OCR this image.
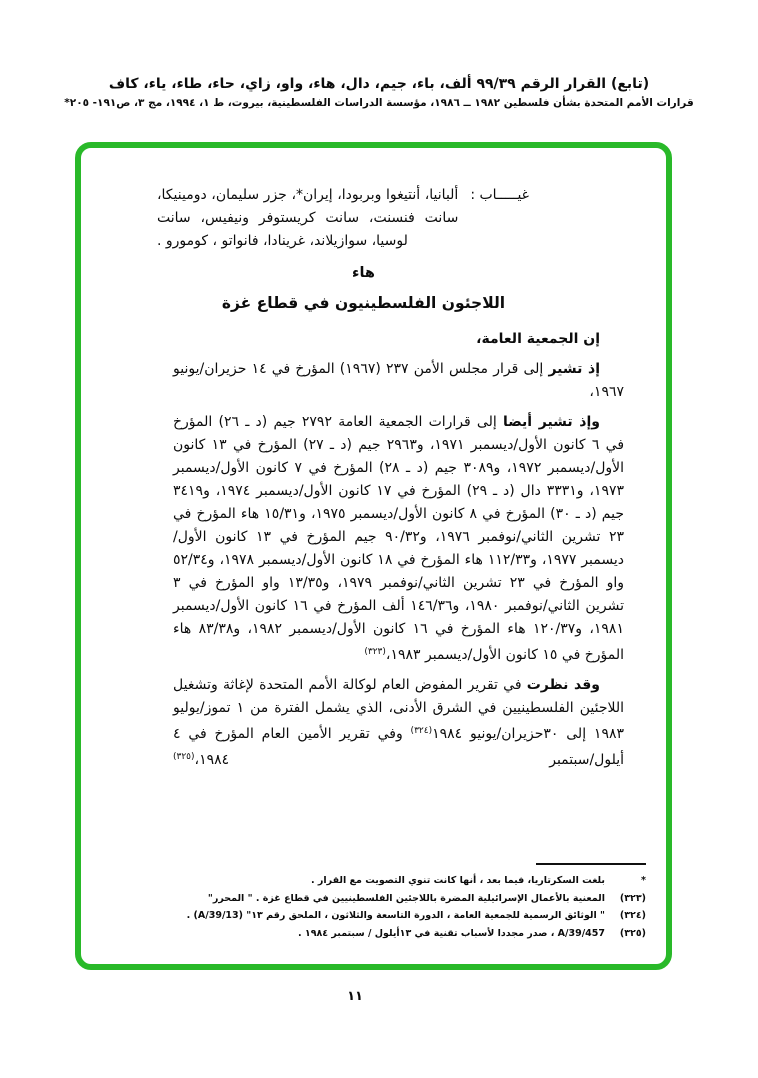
(تابع) القرار الرقم ٩٩/٣٩ ألف، باء، جيم، دال، هاء، واو، زاي، حاء، طاء، ياء، كاف
قرارات الأمم المتحدة بشأن فلسطين ١٩٨٢ ــ ١٩٨٦، مؤسسة الدراسات الفلسطينية، بيروت، ط ١، ١٩٩٤، مج ٣، ص١٩١- ٢٠٥*
غيـــــاب :
ألبانيا، أنتيغوا وبربودا، إيران*، جزر سليمان، دومينيكا، سانت فنسنت، سانت كريستوفر ونيفيس، سانت لوسيا، سوازيلاند، غرينادا، فانواتو ، كومورو .
هاء
اللاجئون الفلسطينيون في قطاع غزة

إن الجمعية العامة،

إذ تشير إلى قرار مجلس الأمن ٢٣٧ (١٩٦٧) المؤرخ في ١٤ حزيران/يونيو ١٩٦٧،

وإذ تشير أيضا إلى قرارات الجمعية العامة ٢٧٩٢ جيم (د ـ ٢٦) المؤرخ في ٦ كانون الأول/ديسمبر ١٩٧١، و٢٩٦٣ جيم (د ـ ٢٧) المؤرخ في ١٣ كانون الأول/ديسمبر ١٩٧٢، و٣٠٨٩ جيم (د ـ ٢٨) المؤرخ في ٧ كانون الأول/ديسمبر ١٩٧٣، و٣٣٣١ دال (د ـ ٢٩) المؤرخ في ١٧ كانون الأول/ديسمبر ١٩٧٤، و٣٤١٩ جيم (د ـ ٣٠) المؤرخ في ٨ كانون الأول/ديسمبر ١٩٧٥، و١٥/٣١ هاء المؤرخ في ٢٣ تشرين الثاني/نوفمبر ١٩٧٦، و٩٠/٣٢ جيم المؤرخ في ١٣ كانون الأول/ديسمبر ١٩٧٧، و١١٢/٣٣ هاء المؤرخ في ١٨ كانون الأول/ديسمبر ١٩٧٨، و٥٢/٣٤ واو المؤرخ في ٢٣ تشرين الثاني/نوفمبر ١٩٧٩، و١٣/٣٥ واو المؤرخ في ٣ تشرين الثاني/نوفمبر ١٩٨٠، و١٤٦/٣٦ ألف المؤرخ في ١٦ كانون الأول/ديسمبر ١٩٨١، و١٢٠/٣٧ هاء المؤرخ في ١٦ كانون الأول/ديسمبر ١٩٨٢، و٨٣/٣٨ هاء المؤرخ في ١٥ كانون الأول/ديسمبر ١٩٨٣،$^{(٣٢٣)}$

وقد نظرت في تقرير المفوض العام لوكالة الأمم المتحدة لإغاثة وتشغيل اللاجئين الفلسطينيين في الشرق الأدنى، الذي يشمل الفترة من ١ تموز/يوليو ١٩٨٣ إلى ٣٠حزيران/يونيو ١٩٨٤$^{(٣٢٤)}$ وفي تقرير الأمين العام المؤرخ في ٤ أيلول/سبتمبر ١٩٨٤،$^{(٣٢٥)}$

*
بلغت السكرتاريا، فيما بعد ، أنها كانت تنوي التصويت مع القرار .
(٣٢٣)
المعنية بالأعمال الإسرائيلية المضرة باللاجئين الفلسطينيين في قطاع غزة . " المحرر"
(٣٢٤)
" الوثائق الرسمية للجمعية العامة ، الدورة التاسعة والثلاثون ، الملحق رقم ١٣" (A/39/13) .
(٣٢٥)
A/39/457 ، صدر مجددا لأسباب تقنية في ١٣أيلول / سبتمبر ١٩٨٤ .
١١
